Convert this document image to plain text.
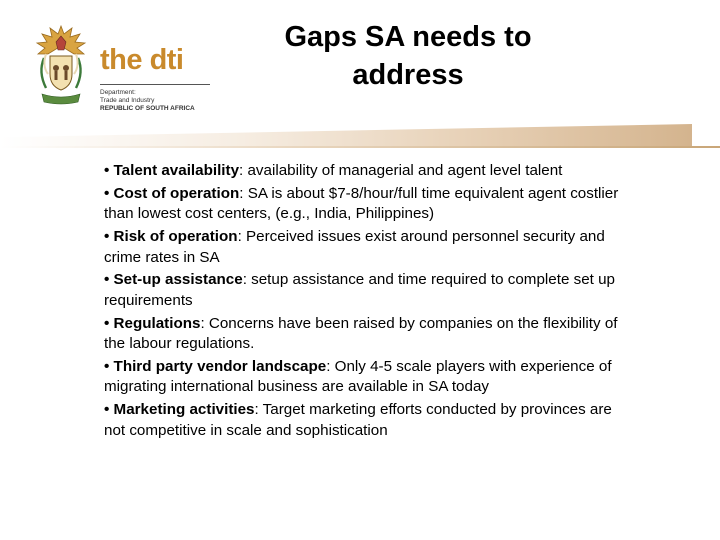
the dti
Department:
Trade and Industry
REPUBLIC OF SOUTH AFRICA
Gaps SA needs to address
• Talent availability: availability of managerial and agent level talent
• Cost of operation: SA is about $7-8/hour/full time equivalent agent costlier than lowest cost centers, (e.g., India, Philippines)
• Risk of operation: Perceived issues exist around personnel security and crime rates in SA
• Set-up assistance: setup assistance and time required to complete set up requirements
• Regulations: Concerns have been raised by companies on the flexibility of the labour regulations.
• Third party vendor landscape: Only 4-5 scale players with experience of migrating international business are available in SA today
• Marketing activities: Target marketing efforts conducted by provinces are not competitive in scale and sophistication
